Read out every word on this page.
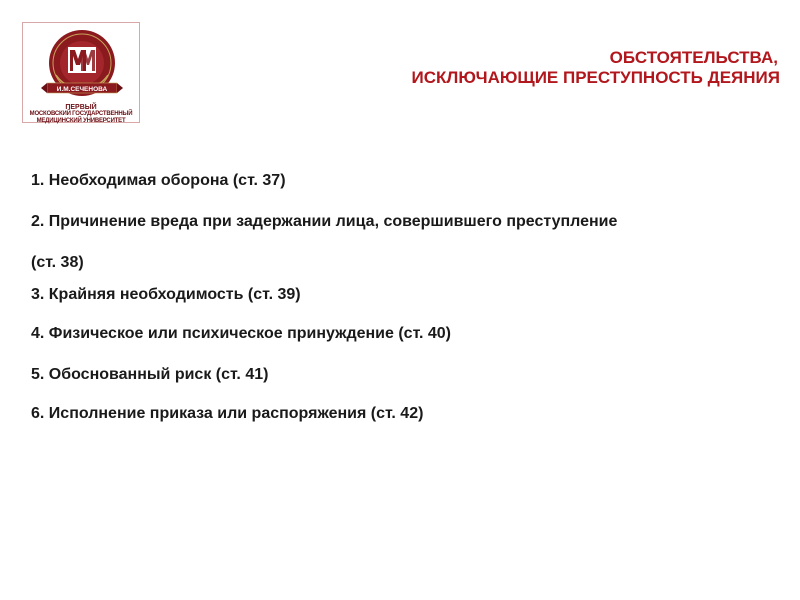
И.М.СЕЧЕНОВА
ПЕРВЫЙ
МОСКОВСКИЙ ГОСУДАРСТВЕННЫЙ
МЕДИЦИНСКИЙ УНИВЕРСИТЕТ
ОБСТОЯТЕЛЬСТВА,
ИСКЛЮЧАЮЩИЕ ПРЕСТУПНОСТЬ ДЕЯНИЯ
1. Необходимая оборона (ст. 37)
2. Причинение вреда при задержании лица, совершившего преступление
(ст. 38)
3. Крайняя необходимость (ст. 39)
4. Физическое или психическое принуждение (ст. 40)
5. Обоснованный риск (ст. 41)
6. Исполнение приказа или распоряжения (ст. 42)
